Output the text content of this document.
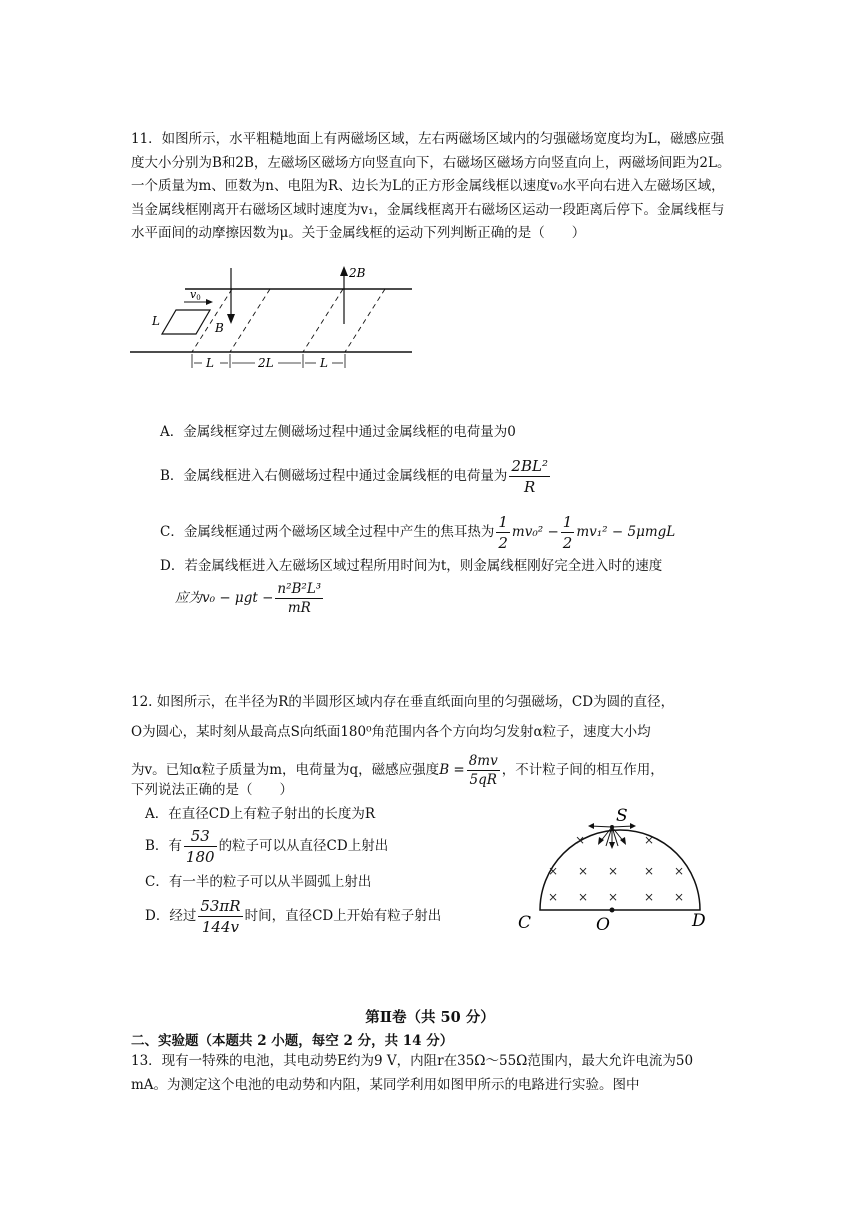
11．如图所示，水平粗糙地面上有两磁场区域，左右两磁场区域内的匀强磁场宽度均为L，磁感应强度大小分别为B和2B，左磁场区磁场方向竖直向下，右磁场区磁场方向竖直向上，两磁场间距为2L。一个质量为m、匝数为n、电阻为R、边长为L的正方形金属线框以速度v₀水平向右进入左磁场区域，当金属线框刚离开右磁场区域时速度为v₁，金属线框离开右磁场区运动一段距离后停下。金属线框与水平面间的动摩擦因数为μ。关于金属线框的运动下列判断正确的是（　　）

B
2B
L
v0
L	2L	L
A．金属线框穿过左侧磁场过程中通过金属线框的电荷量为0
B．金属线框进入右侧磁场过程中通过金属线框的电荷量为 $\frac{\text{2BL²}}{R}$
C．金属线框通过两个磁场区域全过程中产生的焦耳热为 $\frac{1}{2} mv_0^2 - \frac{1}{2} mv_1^2 - 5\mu mgL$
D．若金属线框进入左磁场区域过程所用时间为t，则金属线框刚好完全进入时的速度
应为$v_0 - \mu gt - \frac{\text{n²B²L³}}{mR}$
12. 如图所示，在半径为R的半圆形区域内存在垂直纸面向里的匀强磁场，CD为圆的直径，
O为圆心，某时刻从最高点S向纸面180⁰角范围内各个方向均匀发射α粒子，速度大小均
为v。已知α粒子质量为m，电荷量为q，磁感应强度$B = \frac{8mv}{5qR}$ ，不计粒子间的相互作用，
下列说法正确的是（　　）
A．在直径CD上有粒子射出的长度为R
B．有 $\frac{53}{180}$ 的粒子可以从直径CD上射出
C．有一半的粒子可以从半圆弧上射出
D．经过 $\frac{53\pi R}{144v}$ 时间，直径CD上开始有粒子射出
S
×	×
× × × × ×
× × × × ×
C	O	D
第Ⅱ卷（共 50 分）
二、实验题（本题共 2 小题，每空 2 分，共 14 分）

13．现有一特殊的电池，其电动势E约为9 V，内阻r在35Ω～55Ω范围内，最大允许电流为50 mA。为测定这个电池的电动势和内阻，某同学利用如图甲所示的电路进行实验。图中
